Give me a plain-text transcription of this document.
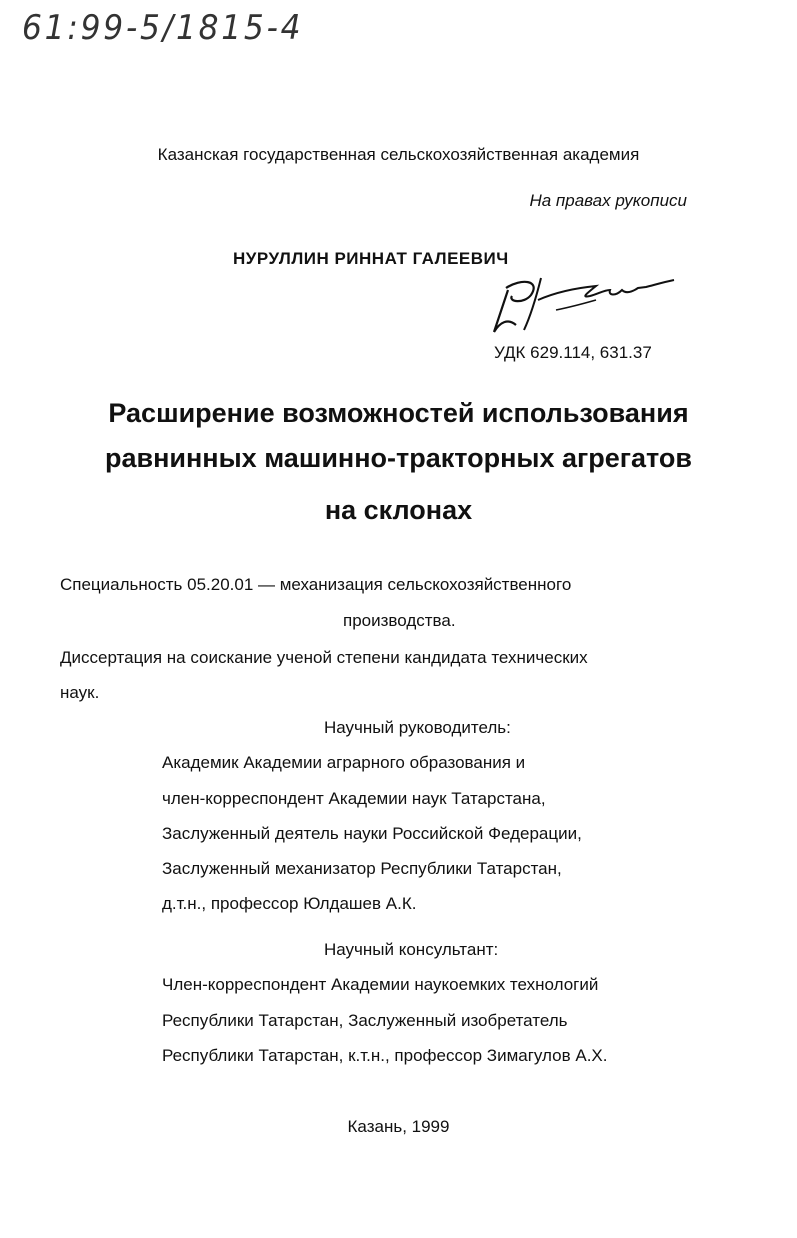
61:99-5/1815-4
Казанская государственная сельскохозяйственная академия
На правах рукописи
НУРУЛЛИН РИННАТ ГАЛЕЕВИЧ
УДК 629.114, 631.37
Расширение возможностей использования
равнинных машинно-тракторных агрегатов
на склонах
Специальность 05.20.01 — механизация сельскохозяйственного
производства.
Диссертация на соискание ученой степени кандидата технических
наук.
Научный руководитель:
Академик Академии аграрного образования и
член-корреспондент Академии наук Татарстана,
Заслуженный деятель науки Российской Федерации,
Заслуженный механизатор Республики Татарстан,
д.т.н., профессор Юлдашев А.К.
Научный консультант:
Член-корреспондент Академии наукоемких технологий
Республики Татарстан, Заслуженный изобретатель
Республики Татарстан, к.т.н., профессор Зимагулов А.Х.
Казань, 1999
